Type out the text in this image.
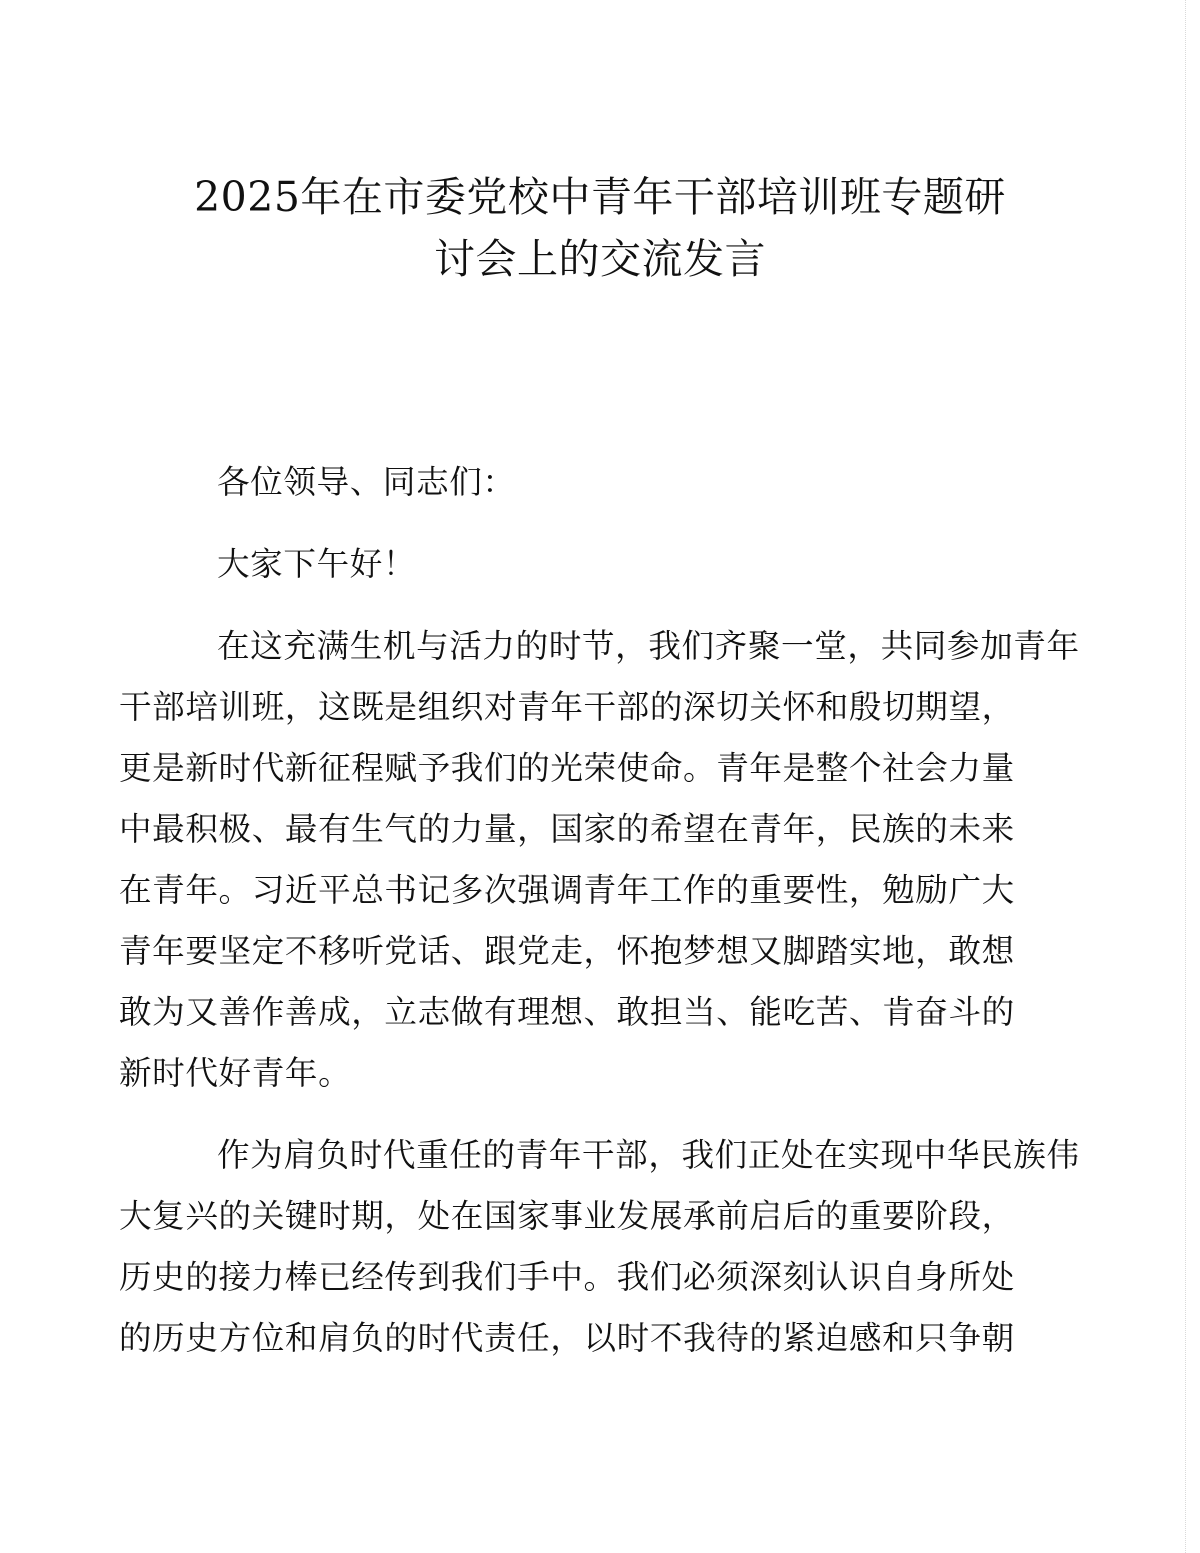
2025年在市委党校中青年干部培训班专题研
讨会上的交流发言

各位领导、同志们：

大家下午好！

在这充满生机与活力的时节，我们齐聚一堂，共同参加青年
干部培训班，这既是组织对青年干部的深切关怀和殷切期望，
更是新时代新征程赋予我们的光荣使命。青年是整个社会力量
中最积极、最有生气的力量，国家的希望在青年，民族的未来
在青年。习近平总书记多次强调青年工作的重要性，勉励广大
青年要坚定不移听党话、跟党走，怀抱梦想又脚踏实地，敢想
敢为又善作善成，立志做有理想、敢担当、能吃苦、肯奋斗的
新时代好青年。

作为肩负时代重任的青年干部，我们正处在实现中华民族伟
大复兴的关键时期，处在国家事业发展承前启后的重要阶段，
历史的接力棒已经传到我们手中。我们必须深刻认识自身所处
的历史方位和肩负的时代责任，以时不我待的紧迫感和只争朝
